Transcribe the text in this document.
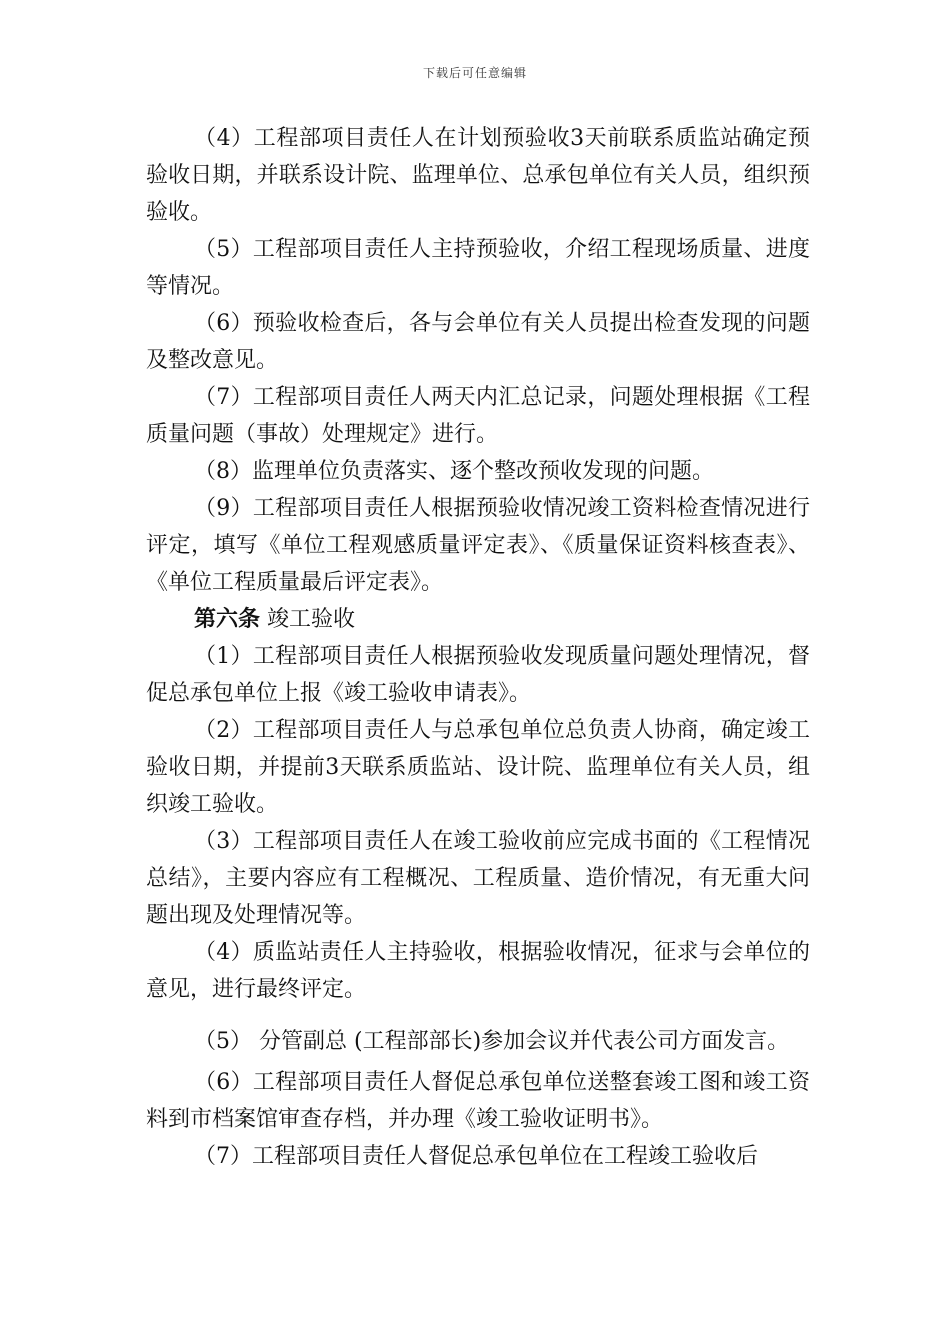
下载后可任意编辑

（4）工程部项目责任人在计划预验收3天前联系质监站确定预验收日期，并联系设计院、监理单位、总承包单位有关人员，组织预验收。

（5）工程部项目责任人主持预验收，介绍工程现场质量、进度等情况。

（6）预验收检查后，各与会单位有关人员提出检查发现的问题及整改意见。

（7）工程部项目责任人两天内汇总记录，问题处理根据《工程质量问题（事故）处理规定》进行。

（8）监理单位负责落实、逐个整改预收发现的问题。

（9）工程部项目责任人根据预验收情况竣工资料检查情况进行评定，填写《单位工程观感质量评定表》、《质量保证资料核查表》、《单位工程质量最后评定表》。

第六条 竣工验收

（1）工程部项目责任人根据预验收发现质量问题处理情况，督促总承包单位上报《竣工验收申请表》。

（2）工程部项目责任人与总承包单位总负责人协商，确定竣工验收日期，并提前3天联系质监站、设计院、监理单位有关人员，组织竣工验收。

（3）工程部项目责任人在竣工验收前应完成书面的《工程情况总结》，主要内容应有工程概况、工程质量、造价情况，有无重大问题出现及处理情况等。

（4）质监站责任人主持验收，根据验收情况，征求与会单位的意见，进行最终评定。

（5） 分管副总 (工程部部长)参加会议并代表公司方面发言。

（6）工程部项目责任人督促总承包单位送整套竣工图和竣工资料到市档案馆审查存档，并办理《竣工验收证明书》。

（7）工程部项目责任人督促总承包单位在工程竣工验收后
